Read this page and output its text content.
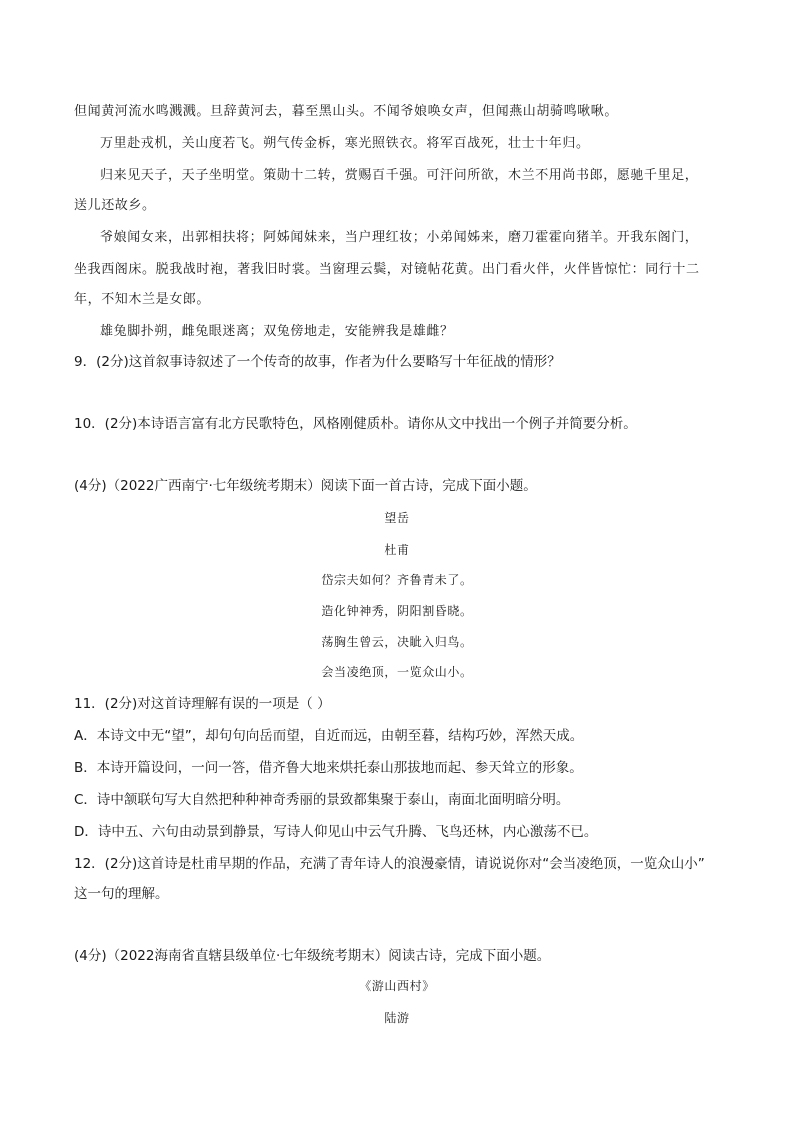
但闻黄河流水鸣溅溅。旦辞黄河去，暮至黑山头。不闻爷娘唤女声，但闻燕山胡骑鸣啾啾。
万里赴戎机，关山度若飞。朔气传金柝，寒光照铁衣。将军百战死，壮士十年归。
归来见天子，天子坐明堂。策勋十二转，赏赐百千强。可汗问所欲，木兰不用尚书郎，愿驰千里足，
送儿还故乡。
爷娘闻女来，出郭相扶将；阿姊闻妹来，当户理红妆；小弟闻姊来，磨刀霍霍向猪羊。开我东阁门，
坐我西阁床。脱我战时袍，著我旧时裳。当窗理云鬓，对镜帖花黄。出门看火伴，火伴皆惊忙：同行十二
年，不知木兰是女郎。
雄兔脚扑朔，雌兔眼迷离；双兔傍地走，安能辨我是雄雌？
9．(2分)这首叙事诗叙述了一个传奇的故事，作者为什么要略写十年征战的情形？
10．(2分)本诗语言富有北方民歌特色，风格刚健质朴。请你从文中找出一个例子并简要分析。
(4分)（2022广西南宁·七年级统考期末）阅读下面一首古诗，完成下面小题。
望岳
杜甫
岱宗夫如何？齐鲁青未了。
造化钟神秀，阴阳割昏晓。
荡胸生曾云，决眦入归鸟。
会当凌绝顶，一览众山小。
11．(2分)对这首诗理解有误的一项是（ ）
A．本诗文中无“望”，却句句向岳而望，自近而远，由朝至暮，结构巧妙，浑然天成。
B．本诗开篇设问，一问一答，借齐鲁大地来烘托泰山那拔地而起、参天耸立的形象。
C．诗中颔联句写大自然把种种神奇秀丽的景致都集聚于泰山，南面北面明暗分明。
D．诗中五、六句由动景到静景，写诗人仰见山中云气升腾、飞鸟还林，内心激荡不已。
12．(2分)这首诗是杜甫早期的作品，充满了青年诗人的浪漫豪情，请说说你对“会当凌绝顶，一览众山小”
这一句的理解。
(4分)（2022海南省直辖县级单位·七年级统考期末）阅读古诗，完成下面小题。
《游山西村》
陆游
